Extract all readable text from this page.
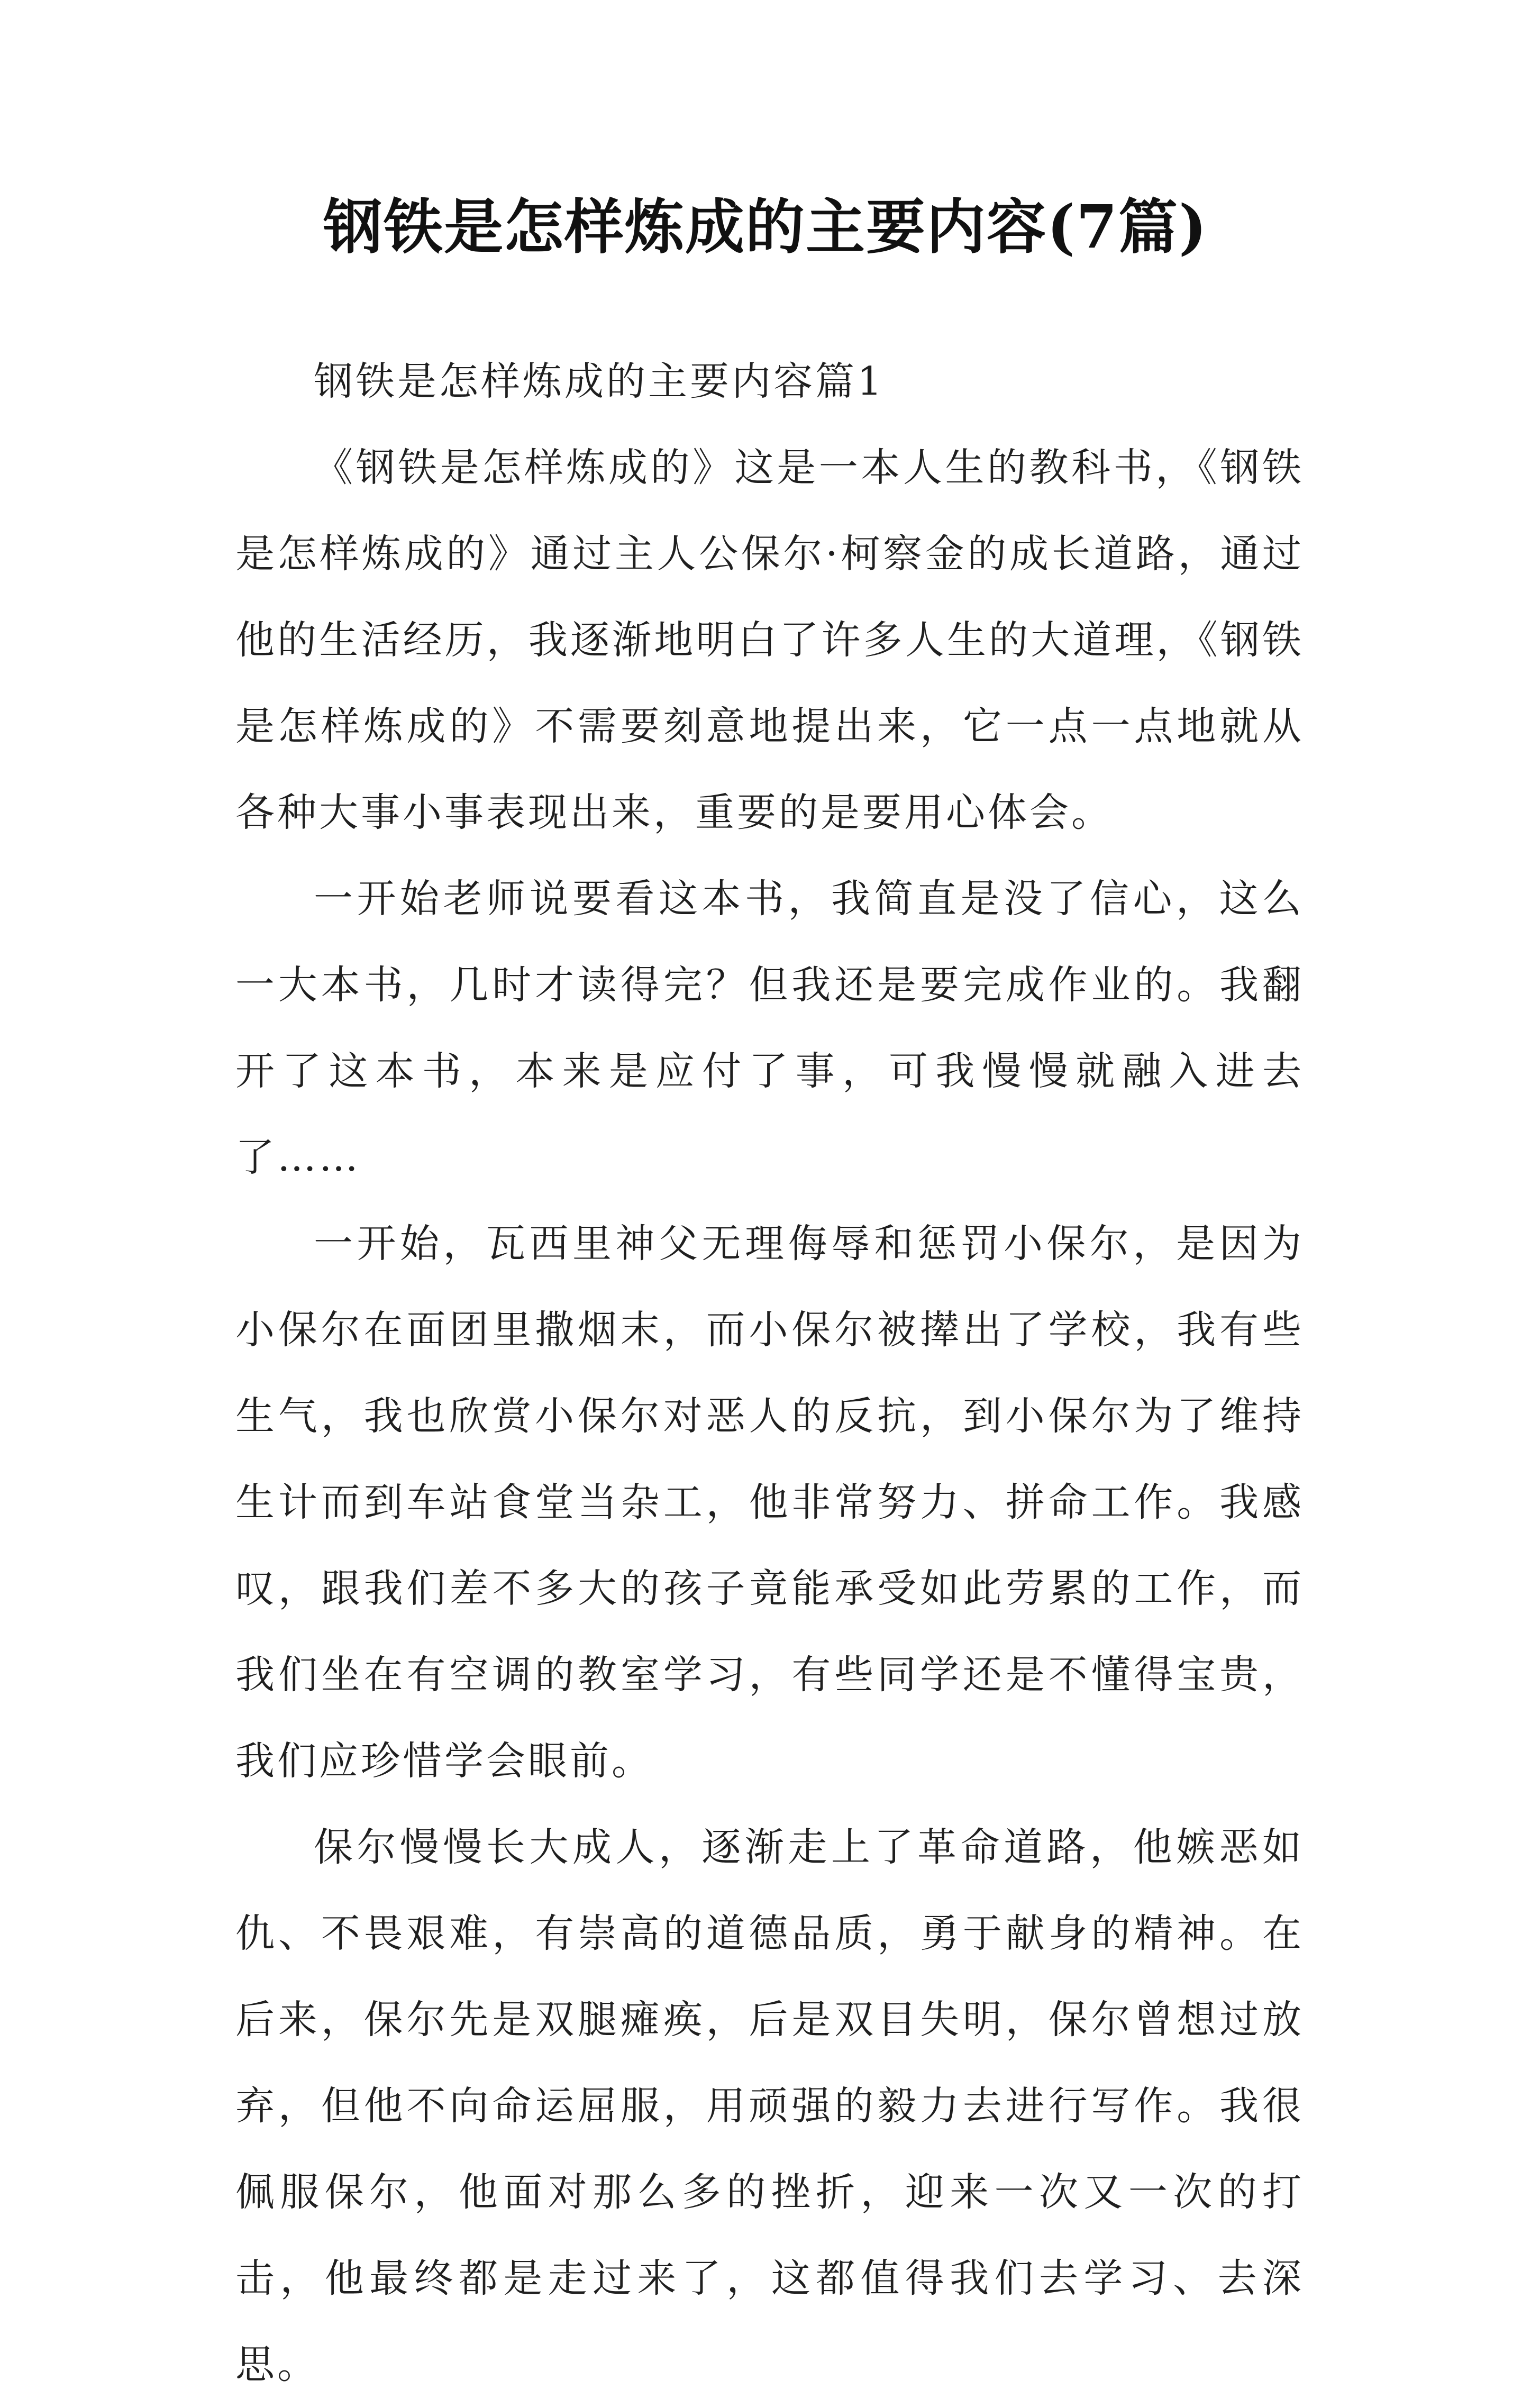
钢铁是怎样炼成的主要内容(7篇)

钢铁是怎样炼成的主要内容篇1

《钢铁是怎样炼成的》这是一本人生的教科书，《钢铁是怎样炼成的》通过主人公保尔·柯察金的成长道路，通过他的生活经历，我逐渐地明白了许多人生的大道理，《钢铁是怎样炼成的》不需要刻意地提出来，它一点一点地就从各种大事小事表现出来，重要的是要用心体会。

一开始老师说要看这本书，我简直是没了信心，这么一大本书，几时才读得完？但我还是要完成作业的。我翻开了这本书，本来是应付了事，可我慢慢就融入进去了……

一开始，瓦西里神父无理侮辱和惩罚小保尔，是因为小保尔在面团里撒烟末，而小保尔被撵出了学校，我有些生气，我也欣赏小保尔对恶人的反抗，到小保尔为了维持生计而到车站食堂当杂工，他非常努力、拼命工作。我感叹，跟我们差不多大的孩子竟能承受如此劳累的工作，而我们坐在有空调的教室学习，有些同学还是不懂得宝贵，我们应珍惜学会眼前。

保尔慢慢长大成人，逐渐走上了革命道路，他嫉恶如仇、不畏艰难，有崇高的道德品质，勇于献身的精神。在后来，保尔先是双腿瘫痪，后是双目失明，保尔曾想过放弃，但他不向命运屈服，用顽强的毅力去进行写作。我很佩服保尔，他面对那么多的挫折，迎来一次又一次的打击，他最终都是走过来了，这都值得我们去学习、去深思。
